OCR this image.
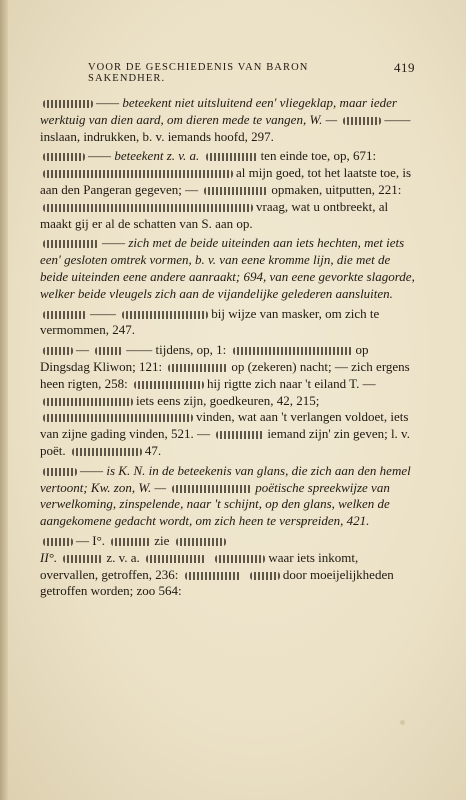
VOOR DE GESCHIEDENIS VAN BARON SAKENDHER.
419

—— beteekent niet uitsluitend een' vliegeklap, maar ieder werktuig van dien aard, om dieren mede te vangen, W. —	—— inslaan, indrukken, b. v. iemands hoofd, 297.

—— beteekent z. v. a.	ten einde toe, op, 671: al mijn goed, tot het laatste toe, is aan den Pangeran gegeven; —	opmaken, uitputten, 221: vraag, wat u ontbreekt, al maakt gij er al de schatten van S. aan op.

—— zich met de beide uiteinden aan iets hechten, met iets een' gesloten omtrek vormen, b. v. van eene kromme lijn, die met de beide uiteinden eene andere aanraakt; 694, van eene gevorkte slagorde, welker beide vleugels zich aan de vijandelijke gelederen aansluiten.

——	bij wijze van masker, om zich te vermommen, 247.

—	—— tijdens, op, 1:	op Dingsdag Kliwon; 121:	op (zekeren) nacht; — zich ergens heen rigten, 258:	hij rigtte zich naar 't eiland T. — iets eens zijn, goedkeuren, 42, 215; vinden, wat aan 't verlangen voldoet, iets van zijne gading vinden, 521. —	iemand zijn' zin geven; l. v. poët.	47.

—— is K. N. in de beteekenis van glans, die zich aan den hemel vertoont; Kw. zon, W. —	poëtische spreekwijze van verwelkoming, zinspelende, naar 't schijnt, op den glans, welken de aangekomene gedacht wordt, om zich heen te verspreiden, 421.

— I°.	zie
II°.	z. v. a.	waar iets inkomt, overvallen, getroffen, 236:	door moeijelijkheden getroffen worden; zoo 564:
